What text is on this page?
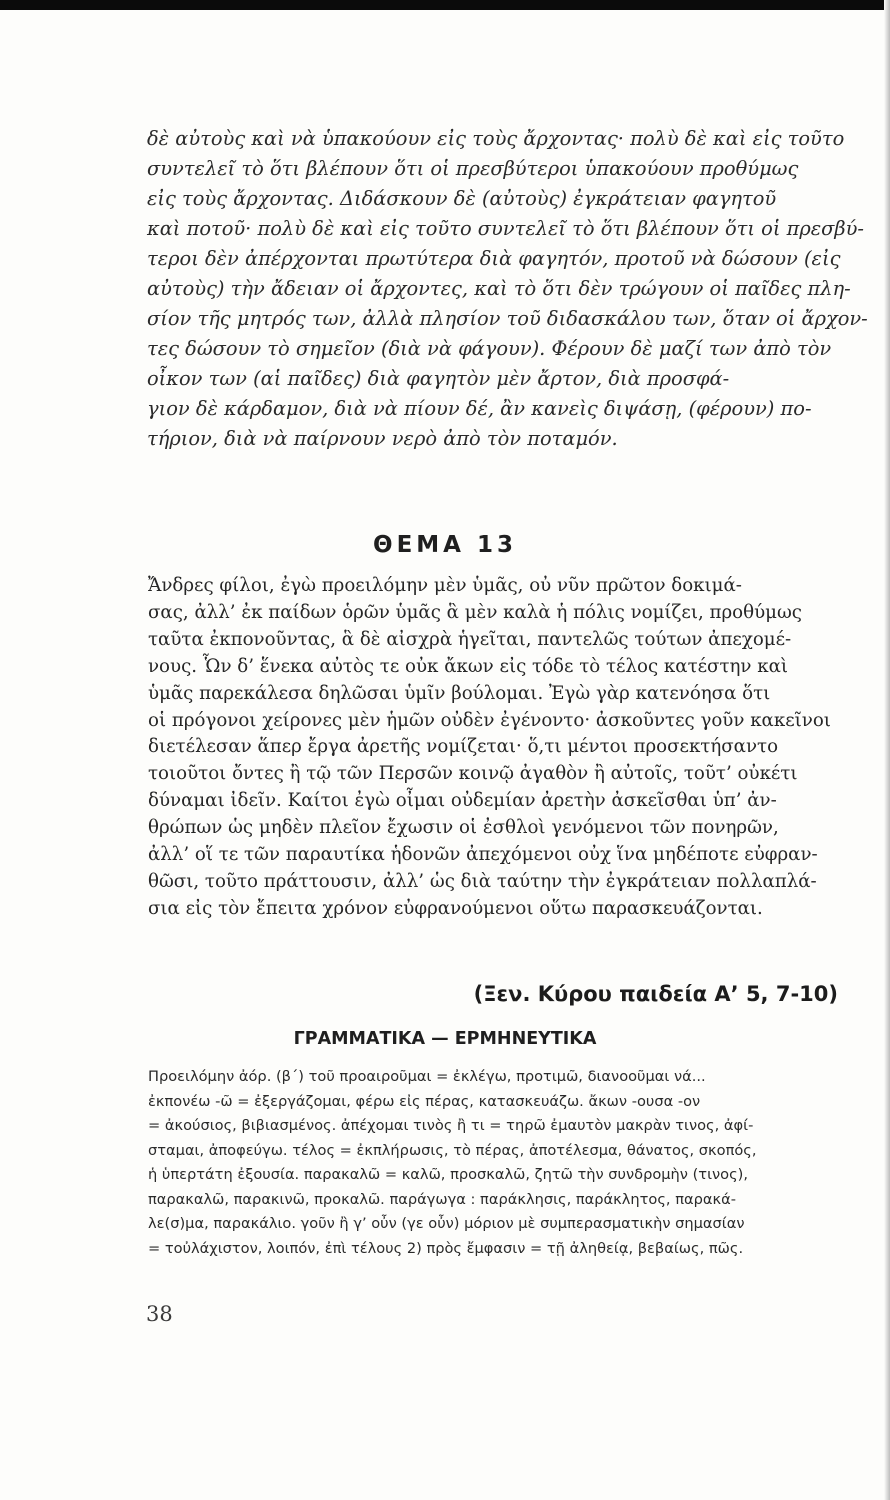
δὲ αὐτοὺς καὶ νὰ ὑπακούουν εἰς τοὺς ἄρχοντας· πολὺ δὲ καὶ εἰς τοῦτο
συντελεῖ τὸ ὅτι βλέπουν ὅτι οἱ πρεσβύτεροι ὑπακούουν προθύμως
εἰς τοὺς ἄρχοντας. Διδάσκουν δὲ (αὐτοὺς) ἐγκράτειαν φαγητοῦ
καὶ ποτοῦ· πολὺ δὲ καὶ εἰς τοῦτο συντελεῖ τὸ ὅτι βλέπουν ὅτι οἱ πρεσβύ-
τεροι δὲν ἀπέρχονται πρωτύτερα διὰ φαγητόν, προτοῦ νὰ δώσουν (εἰς
αὐτοὺς) τὴν ἄδειαν οἱ ἄρχοντες, καὶ τὸ ὅτι δὲν τρώγουν οἱ παῖδες πλη-
σίον τῆς μητρός των, ἀλλὰ πλησίον τοῦ διδασκάλου των, ὅταν οἱ ἄρχον-
τες δώσουν τὸ σημεῖον (διὰ νὰ φάγουν). Φέρουν δὲ μαζί των ἀπὸ τὸν
οἶκον των (αἱ παῖδες) διὰ φαγητὸν μὲν ἄρτον, διὰ προσφά-
γιον δὲ κάρδαμον, διὰ νὰ πίουν δέ, ἂν κανεὶς διψάσῃ, (φέρουν) πο-
τήριον, διὰ νὰ παίρνουν νερὸ ἀπὸ τὸν ποταμόν.
ΘΕΜΑ 13
Ἄνδρες φίλοι, ἐγὼ προειλόμην μὲν ὑμᾶς, οὐ νῦν πρῶτον δοκιμά-
σας, ἀλλ’ ἐκ παίδων ὁρῶν ὑμᾶς ἃ μὲν καλὰ ἡ πόλις νομίζει, προθύμως
ταῦτα ἐκπονοῦντας, ἃ δὲ αἰσχρὰ ἡγεῖται, παντελῶς τούτων ἀπεχομέ-
νους. Ὧν δ’ ἕνεκα αὐτὸς τε οὐκ ἄκων εἰς τόδε τὸ τέλος κατέστην καὶ
ὑμᾶς παρεκάλεσα δηλῶσαι ὑμῖν βούλομαι. Ἐγὼ γὰρ κατενόησα ὅτι
οἱ πρόγονοι χείρονες μὲν ἡμῶν οὐδὲν ἐγένοντο· ἀσκοῦντες γοῦν κακεῖνοι
διετέλεσαν ἅπερ ἔργα ἀρετῆς νομίζεται· ὅ,τι μέντοι προσεκτήσαντο
τοιοῦτοι ὄντες ἢ τῷ τῶν Περσῶν κοινῷ ἀγαθὸν ἢ αὐτοῖς, τοῦτ’ οὐκέτι
δύναμαι ἰδεῖν. Καίτοι ἐγὼ οἶμαι οὐδεμίαν ἀρετὴν ἀσκεῖσθαι ὑπ’ ἀν-
θρώπων ὡς μηδὲν πλεῖον ἔχωσιν οἱ ἐσθλοὶ γενόμενοι τῶν πονηρῶν,
ἀλλ’ οἵ τε τῶν παραυτίκα ἡδονῶν ἀπεχόμενοι οὐχ ἵνα μηδέποτε εὐφραν-
θῶσι, τοῦτο πράττουσιν, ἀλλ’ ὡς διὰ ταύτην τὴν ἐγκράτειαν πολλαπλά-
σια εἰς τὸν ἔπειτα χρόνον εὐφρανούμενοι οὕτω παρασκευάζονται.

(Ξεν. Κύρου παιδεία Α’ 5, 7-10)

ΓΡΑΜΜΑΤΙΚΑ — ΕΡΜΗΝΕΥΤΙΚΑ
Προειλόμην ἀόρ. (β΄) τοῦ προαιροῦμαι = ἐκλέγω, προτιμῶ, διανοοῦμαι νά...
ἐκπονέω -ῶ = ἐξεργάζομαι, φέρω εἰς πέρας, κατασκευάζω. ἄκων -ουσα -ον
= ἀκούσιος, βιβιασμένος. ἀπέχομαι τινὸς ἢ τι = τηρῶ ἐμαυτὸν μακρὰν τινος, ἀφί-
σταμαι, ἀποφεύγω. τέλος = ἐκπλήρωσις, τὸ πέρας, ἀποτέλεσμα, θάνατος, σκοπός,
ἡ ὑπερτάτη ἐξουσία. παρακαλῶ = καλῶ, προσκαλῶ, ζητῶ τὴν συνδρομὴν (τινος),
παρακαλῶ, παρακινῶ, προκαλῶ. παράγωγα : παράκλησις, παράκλητος, παρακά-
λε(σ)μα, παρακάλιο. γοῦν ἢ γ’ οὖν (γε οὖν) μόριον μὲ συμπερασματικὴν σημασίαν
= τοὐλάχιστον, λοιπόν, ἐπὶ τέλους 2) πρὸς ἔμφασιν = τῇ ἀληθείᾳ, βεβαίως, πῶς.

38
